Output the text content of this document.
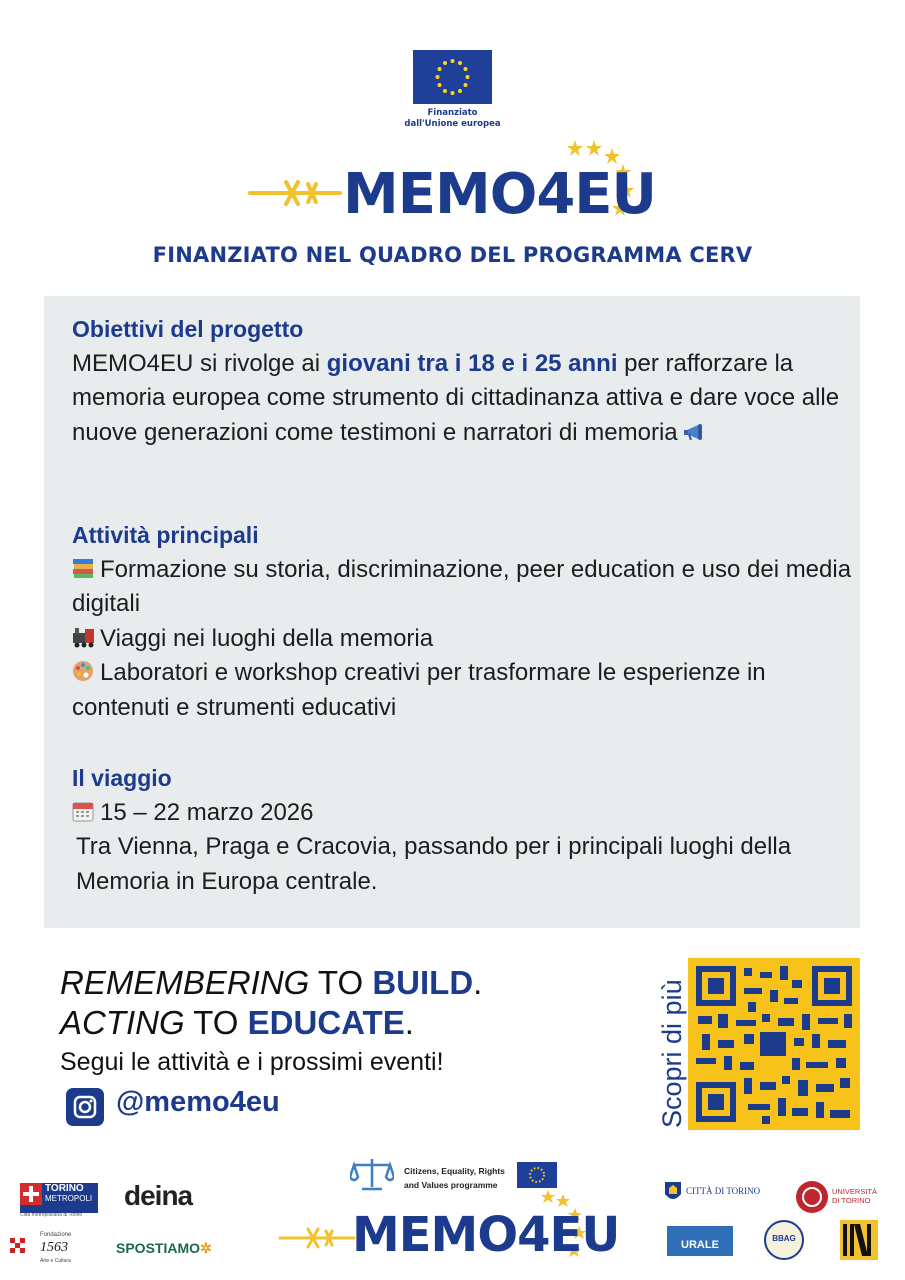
Finanziato
dall'Unione europea
MEMO4EU
FINANZIATO NEL QUADRO DEL PROGRAMMA CERV
Obiettivi del progetto
MEMO4EU si rivolge ai giovani tra i 18 e i 25 anni per rafforzare la memoria europea come strumento di cittadinanza attiva e dare voce alle nuove generazioni come testimoni e narratori di memoria
Attività principali
Formazione su storia, discriminazione, peer education e uso dei media digitali
Viaggi nei luoghi della memoria
Laboratori e workshop creativi per trasformare le esperienze in contenuti e strumenti educativi
Il viaggio
15 – 22 marzo 2026
Tra Vienna, Praga e Cracovia, passando per i principali luoghi della Memoria in Europa centrale.
REMEMBERING TO BUILD.
ACTING TO EDUCATE.
Segui le attività e i prossimi eventi!
@memo4eu	Scopri di più
TORINO
METROPOLI
Città metropolitana di Torino
deina
Fondazione
1563
Arte e Cultura
SPOSTIAMO✲
Citizens, Equality, Rights
and Values programme
MEMO4EU
CITTÀ DI TORINO	UNIVERSITÀ
DI TORINO
URALE
BBAG
